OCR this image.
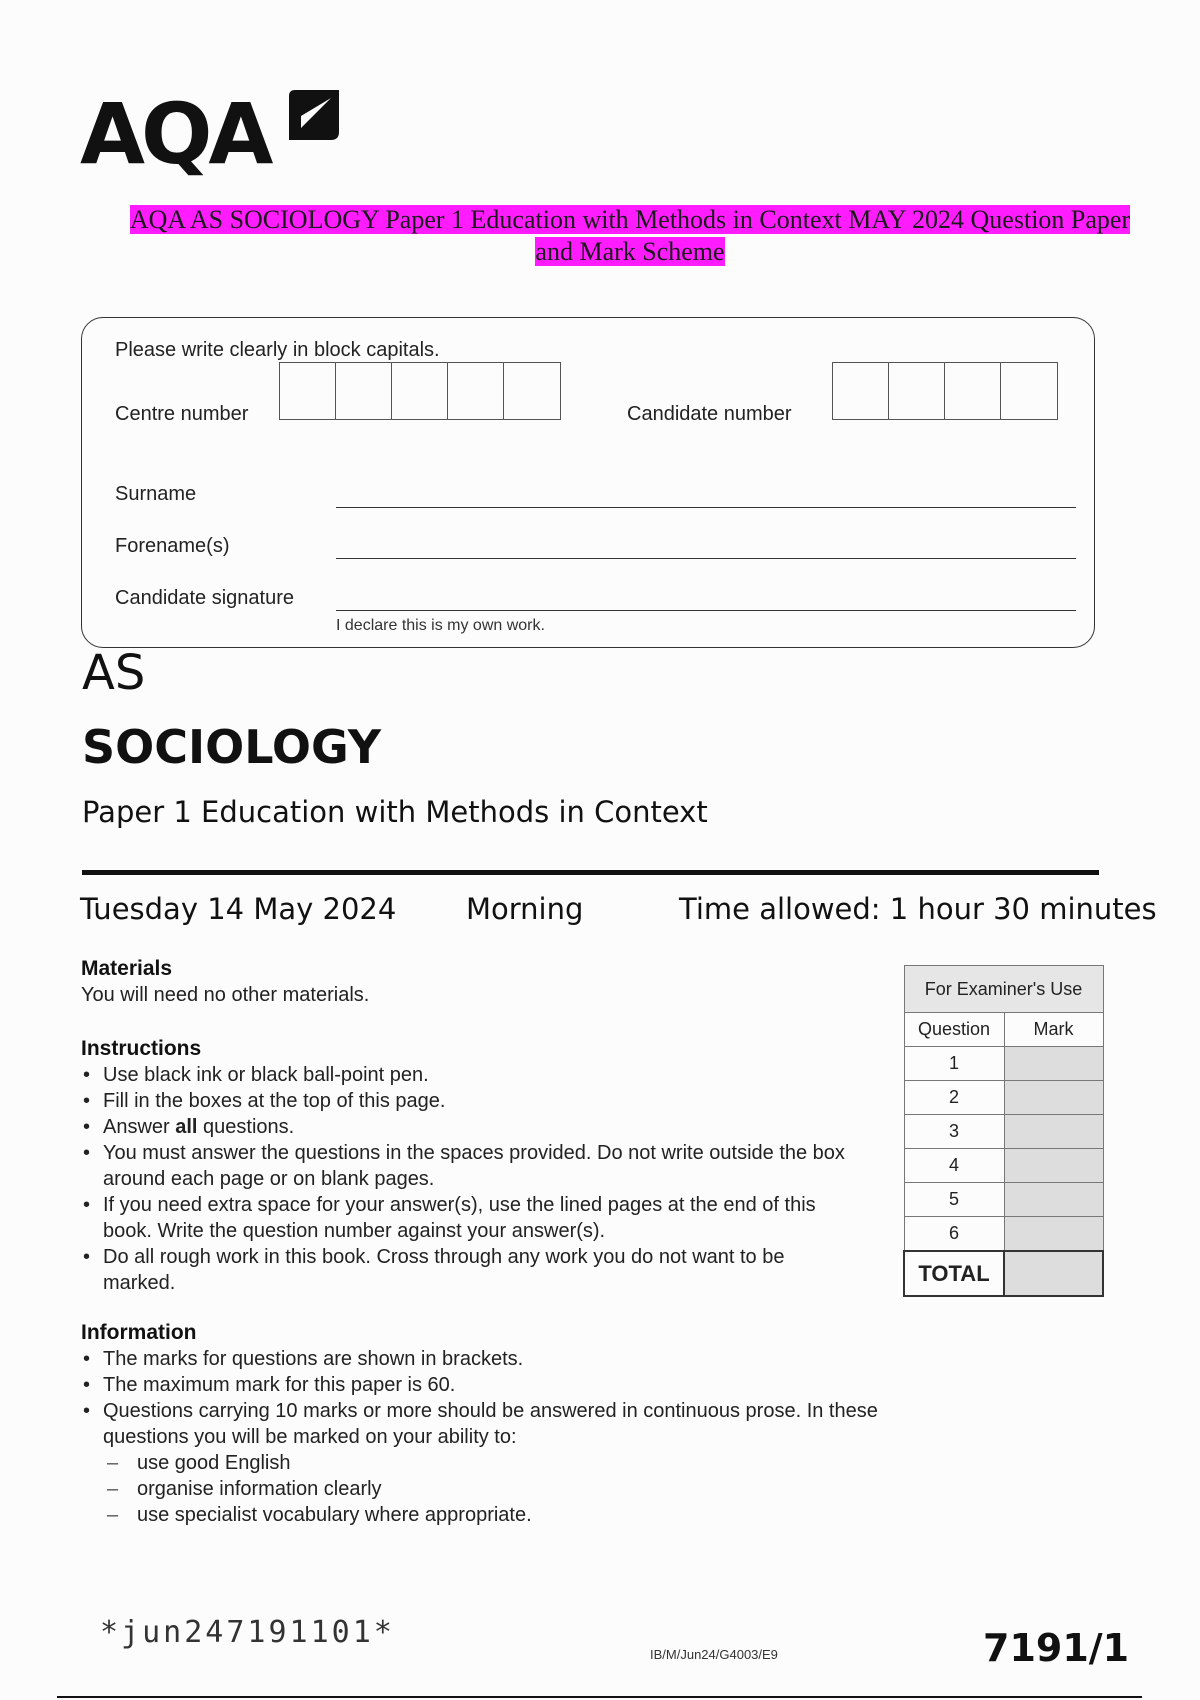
AQA
AQA AS SOCIOLOGY Paper 1 Education with Methods in Context MAY 2024 Question Paper
and Mark Scheme
Please write clearly in block capitals.
Centre number	Candidate number
Surname
Forename(s)
Candidate signature
I declare this is my own work.
AS
SOCIOLOGY
Paper 1 Education with Methods in Context
Tuesday 14 May 2024 Morning	Time allowed: 1 hour 30 minutes
Materials
You will need no other materials.
Instructions
• Use black ink or black ball-point pen.
• Fill in the boxes at the top of this page.
• Answer all questions.
• You must answer the questions in the spaces provided. Do not write outside the box around each page or on blank pages.
• If you need extra space for your answer(s), use the lined pages at the end of this book. Write the question number against your answer(s).
• Do all rough work in this book. Cross through any work you do not want to be marked.
Information
• The marks for questions are shown in brackets.
• The maximum mark for this paper is 60.
• Questions carrying 10 marks or more should be answered in continuous prose. In these questions you will be marked on your ability to:
– use good English
– organise information clearly
– use specialist vocabulary where appropriate.
For Examiner's Use	
Question	Mark
1	
2	
3	
4	
5	
6	
TOTAL	
*jun247191101*
IB/M/Jun24/G4003/E9	7191/1
